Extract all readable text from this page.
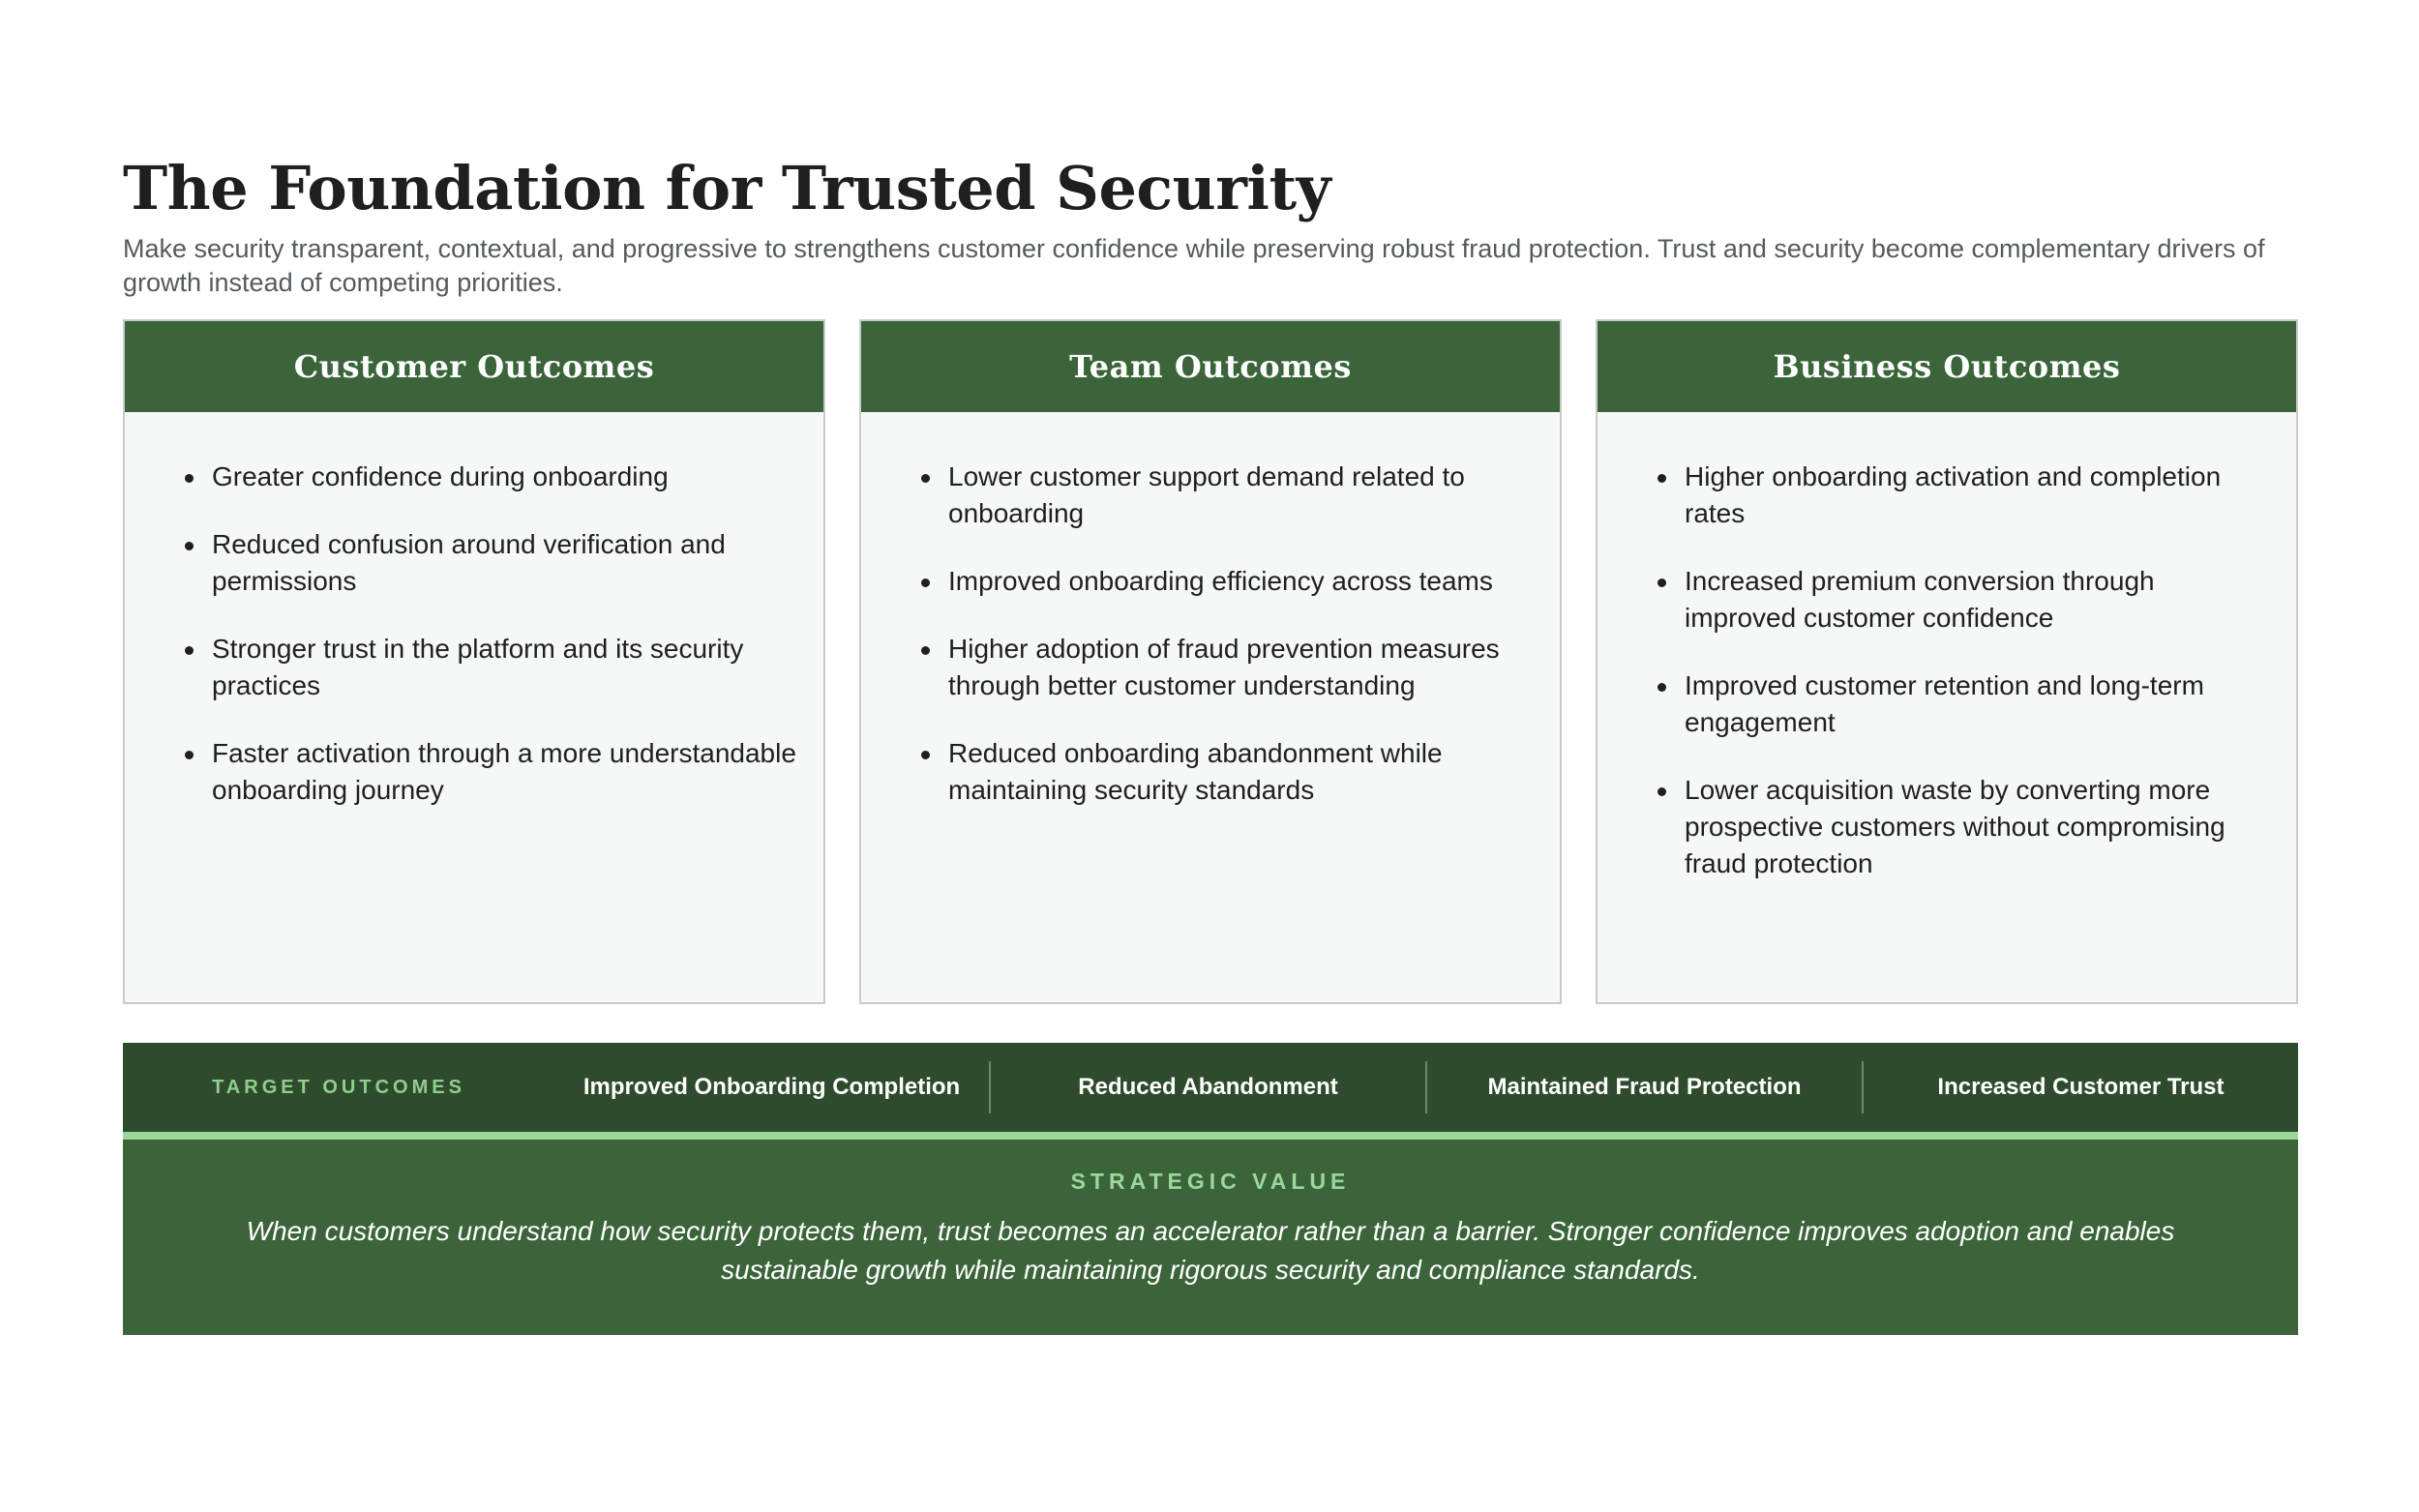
The Foundation for Trusted Security

Make security transparent, contextual, and progressive to strengthens customer confidence while preserving robust fraud protection. Trust and security become complementary drivers of growth instead of competing priorities.

Customer Outcomes
Greater confidence during onboarding
Reduced confusion around verification and permissions
Stronger trust in the platform and its security practices
Faster activation through a more understandable onboarding journey
Team Outcomes
Lower customer support demand related to onboarding
Improved onboarding efficiency across teams
Higher adoption of fraud prevention measures through better customer understanding
Reduced onboarding abandonment while maintaining security standards
Business Outcomes
Higher onboarding activation and completion rates
Increased premium conversion through improved customer confidence
Improved customer retention and long-term engagement
Lower acquisition waste by converting more prospective customers without compromising fraud protection
TARGET OUTCOMES	Improved Onboarding Completion	Reduced Abandonment	Maintained Fraud Protection	Increased Customer Trust
STRATEGIC VALUE

When customers understand how security protects them, trust becomes an accelerator rather than a barrier. Stronger confidence improves adoption and enables sustainable growth while maintaining rigorous security and compliance standards.
